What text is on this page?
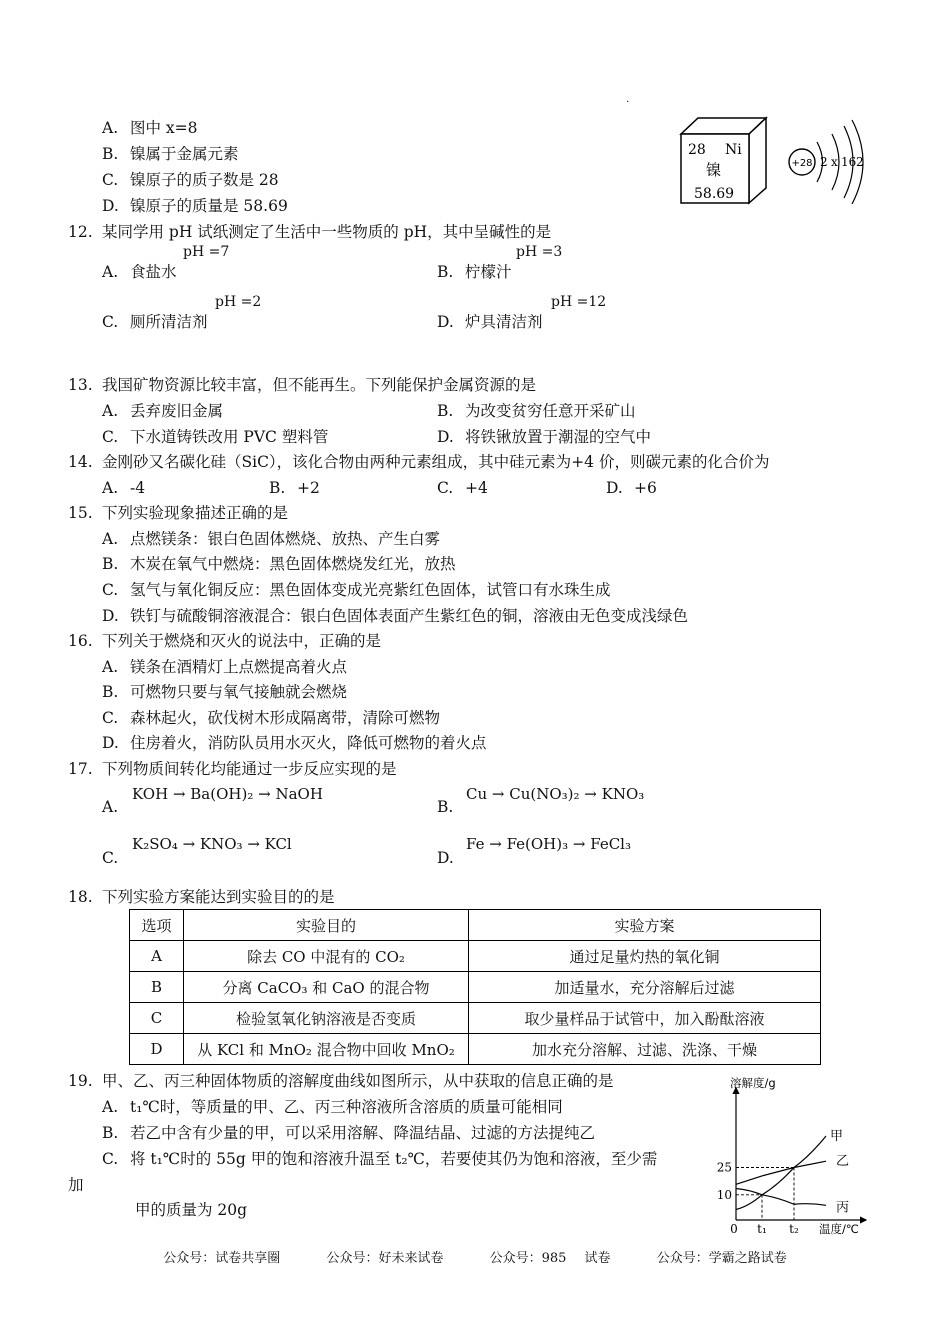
.
A. 图中 x=8
B. 镍属于金属元素
C. 镍原子的质子数是 28
D. 镍原子的质量是 58.69
28 Ni
镍
58.69
+28 2 x 16 2
12. 某同学用 pH 试纸测定了生活中一些物质的 pH，其中呈碱性的是
A. 食盐水
pH =7
B. 柠檬汁
pH =3
C. 厕所清洁剂
pH =2
D. 炉具清洁剂
pH =12
13. 我国矿物资源比较丰富，但不能再生。下列能保护金属资源的是
A. 丢弃废旧金属	B. 为改变贫穷任意开采矿山
C. 下水道铸铁改用 PVC 塑料管	D. 将铁锹放置于潮湿的空气中
14. 金刚砂又名碳化硅（SiC），该化合物由两种元素组成，其中硅元素为+4 价，则碳元素的化合价为
A. -4	B. +2	C. +4	D. +6
15. 下列实验现象描述正确的是
A. 点燃镁条：银白色固体燃烧、放热、产生白雾
B. 木炭在氧气中燃烧：黑色固体燃烧发红光，放热
C. 氢气与氧化铜反应：黑色固体变成光亮紫红色固体，试管口有水珠生成
D. 铁钉与硫酸铜溶液混合：银白色固体表面产生紫红色的铜，溶液由无色变成浅绿色
16. 下列关于燃烧和灭火的说法中，正确的是
A. 镁条在酒精灯上点燃提高着火点
B. 可燃物只要与氧气接触就会燃烧
C. 森林起火，砍伐树木形成隔离带，清除可燃物
D. 住房着火，消防队员用水灭火，降低可燃物的着火点
17. 下列物质间转化均能通过一步反应实现的是
A.
KOH → Ba(OH)₂ → NaOH
B.
Cu → Cu(NO₃)₂ → KNO₃
C.
K₂SO₄ → KNO₃ → KCl
D.
Fe → Fe(OH)₃ → FeCl₃
18. 下列实验方案能达到实验目的的是
选项	实验目的	实验方案
A	除去 CO 中混有的 CO₂	通过足量灼热的氧化铜
B	分离 CaCO₃ 和 CaO 的混合物	加适量水，充分溶解后过滤
C	检验氢氧化钠溶液是否变质	取少量样品于试管中，加入酚酞溶液
D	从 KCl 和 MnO₂ 混合物中回收 MnO₂	加水充分溶解、过滤、洗涤、干燥
19. 甲、乙、丙三种固体物质的溶解度曲线如图所示，从中获取的信息正确的是
A. t₁℃时，等质量的甲、乙、丙三种溶液所含溶质的质量可能相同
B. 若乙中含有少量的甲，可以采用溶解、降温结晶、过滤的方法提纯乙
C. 将 t₁℃时的 55g 甲的饱和溶液升温至 t₂℃，若要使其仍为饱和溶液，至少需
加
甲的质量为 20g
溶解度/g
温度/℃
0
10
25
t₁ t₂
甲
乙
丙
公众号：试卷共享圈	公众号：好未来试卷	公众号：985 试卷	公众号：学霸之路试卷
